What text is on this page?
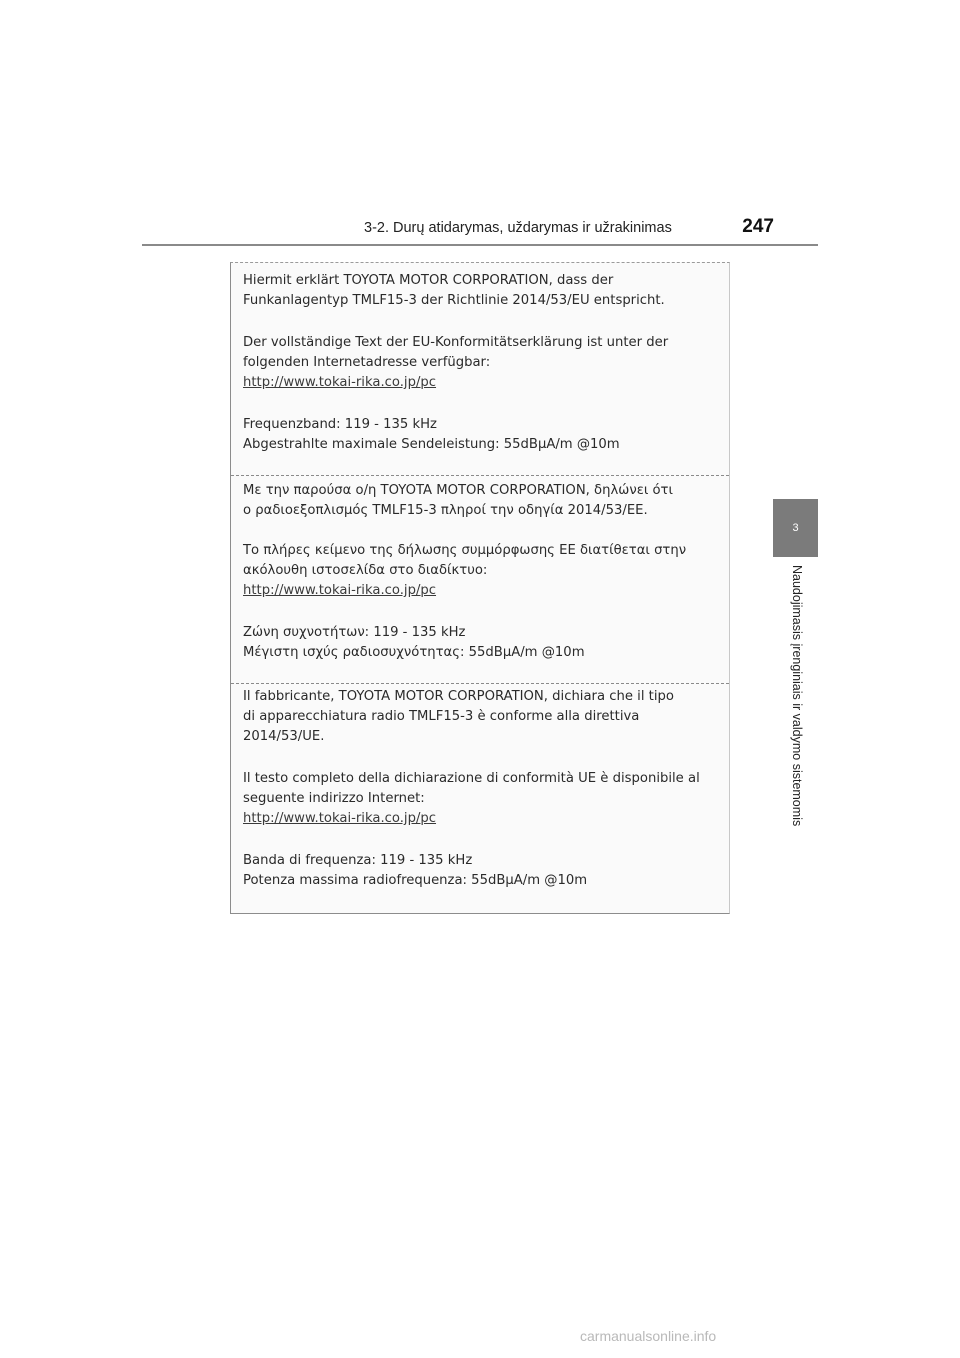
3-2. Durų atidarymas, uždarymas ir užrakinimas	247
3
Naudojimasis įrenginiais ir valdymo sistemomis
Hiermit erklärt TOYOTA MOTOR CORPORATION, dass der
Funkanlagentyp TMLF15-3 der Richtlinie 2014/53/EU entspricht.
Der vollständige Text der EU-Konformitätserklärung ist unter der
folgenden Internetadresse verfügbar:
http://www.tokai-rika.co.jp/pc
Frequenzband: 119 - 135 kHz
Abgestrahlte maximale Sendeleistung: 55dBμA/m @10m
Με την παρούσα ο/η TOYOTA MOTOR CORPORATION, δηλώνει ότι
ο ραδιοεξοπλισμός TMLF15-3 πληροί την οδηγία 2014/53/ΕΕ.
Το πλήρες κείμενο της δήλωσης συμμόρφωσης ΕΕ διατίθεται στην
ακόλουθη ιστοσελίδα στο διαδίκτυο:
http://www.tokai-rika.co.jp/pc
Ζώνη συχνοτήτων: 119 - 135 kHz
Μέγιστη ισχύς ραδιοσυχνότητας: 55dBμA/m @10m
Il fabbricante, TOYOTA MOTOR CORPORATION, dichiara che il tipo
di apparecchiatura radio TMLF15-3 è conforme alla direttiva
2014/53/UE.
Il testo completo della dichiarazione di conformità UE è disponibile al
seguente indirizzo Internet:
http://www.tokai-rika.co.jp/pc
Banda di frequenza: 119 - 135 kHz
Potenza massima radiofrequenza: 55dBμA/m @10m
carmanualsonline.info
